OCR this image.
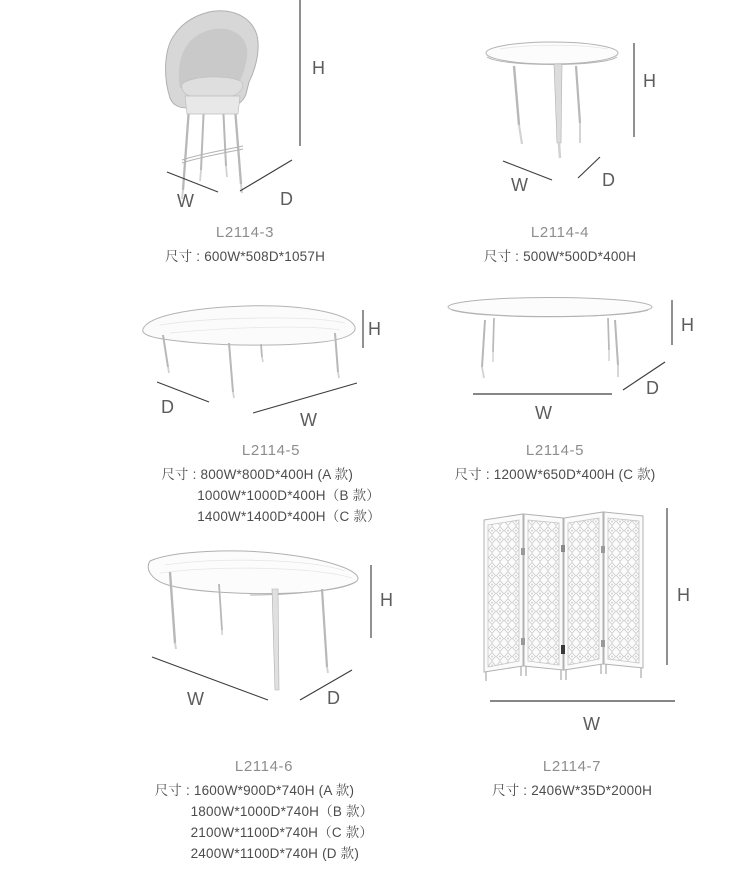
H
W	D
L2114-3
尺寸 : 600W*508D*1057H
H
W	D
L2114-4
尺寸 : 500W*500D*400H
H
D
W
L2114-5
尺寸 : 800W*800D*400H (A 款)
1000W*1000D*400H（B 款）
1400W*1400D*400H（C 款）
H
D
W
L2114-5
尺寸 : 1200W*650D*400H (C 款)
H
W	D
L2114-6
尺寸 : 1600W*900D*740H (A 款)
1800W*1000D*740H（B 款）
2100W*1100D*740H（C 款）
2400W*1100D*740H (D 款)
H
W
L2114-7
尺寸 : 2406W*35D*2000H
